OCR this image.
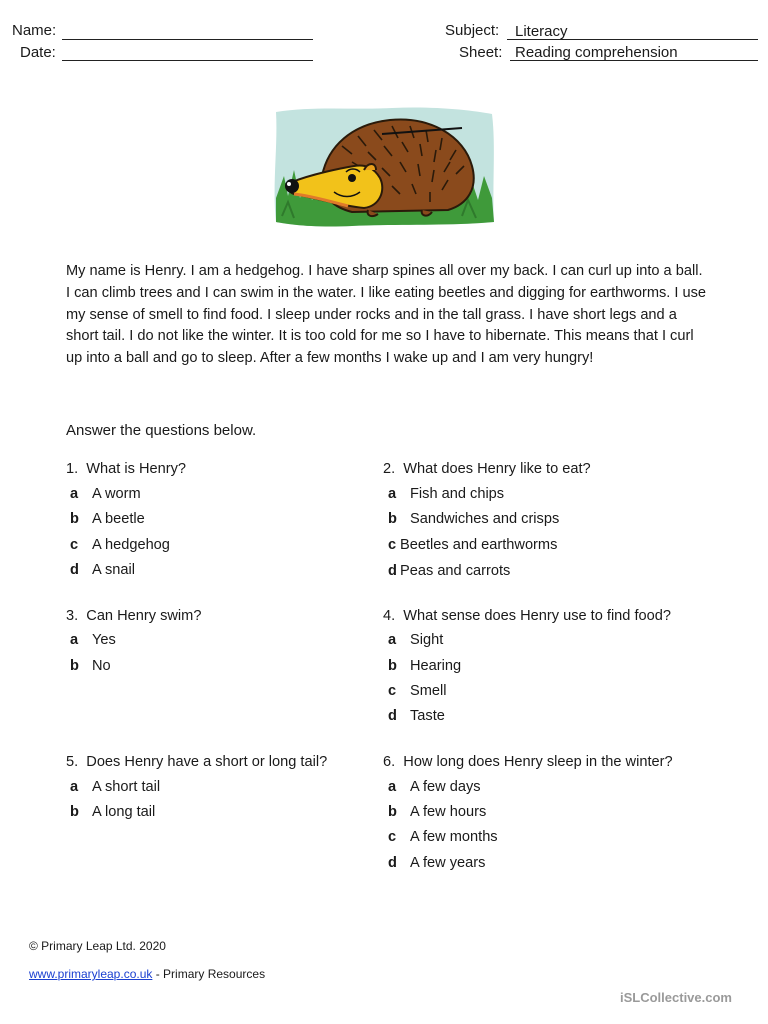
Name:
Date:
Subject: Literacy
Sheet: Reading comprehension
My name is Henry. I am a hedgehog. I have sharp spines all over my back. I can curl up into a ball. I can climb trees and I can swim in the water. I like eating beetles and digging for earthworms. I use my sense of smell to find food. I sleep under rocks and in the tall grass. I have short legs and a short tail. I do not like the winter. It is too cold for me so I have to hibernate. This means that I curl up into a ball and go to sleep. After a few months I wake up and I am very hungry!
Answer the questions below.
1. What is Henry?
a A worm
b A beetle
c A hedgehog
d A snail
2. What does Henry like to eat?
a Fish and chips
b Sandwiches and crisps
c Beetles and earthworms
d Peas and carrots
3. Can Henry swim?
a Yes
b No
4. What sense does Henry use to find food?
a Sight
b Hearing
c Smell
d Taste
5. Does Henry have a short or long tail?
a A short tail
b A long tail
6. How long does Henry sleep in the winter?
a A few days
b A few hours
c A few months
d A few years
© Primary Leap Ltd. 2020
www.primaryleap.co.uk - Primary Resources
iSLCollective.com
